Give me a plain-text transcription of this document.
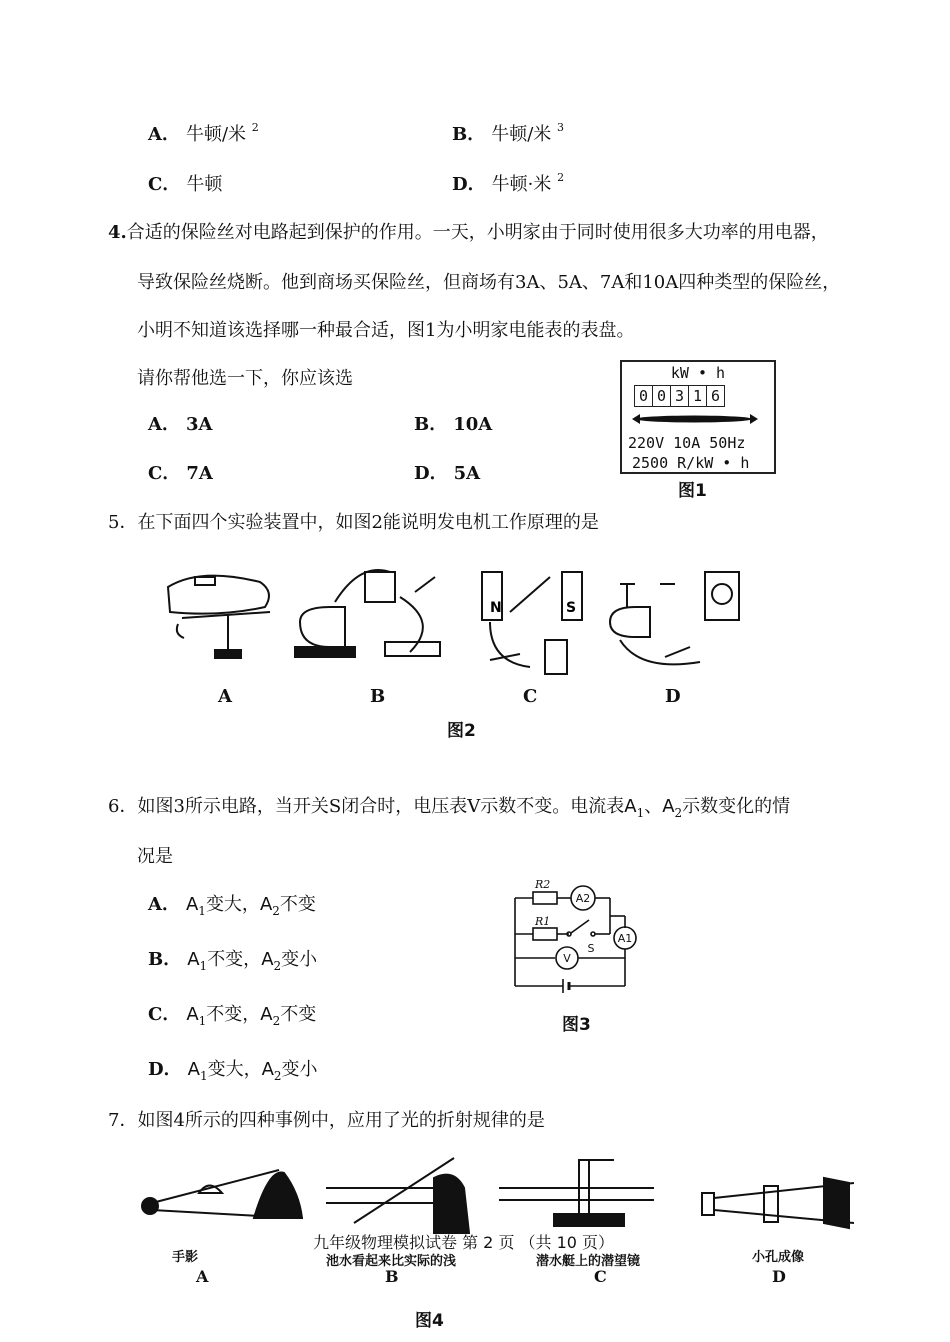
A． 牛顿/米 $^2$	B． 牛顿/米 $^3$
C． 牛顿	D． 牛顿·米 $^2$
4.合适的保险丝对电路起到保护的作用。一天，小明家由于同时使用很多大功率的用电器，
导致保险丝烧断。他到商场买保险丝，但商场有3A、5A、7A和10A四种类型的保险丝，
小明不知道该选择哪一种最合适，图1为小明家电能表的表盘。
请你帮他选一下，你应该选
A． 3A	B． 10A
C． 7A	D． 5A
kW • h
0 0 3 1 6
220V 10A 50Hz
2500 R/kW • h
图1
5．在下面四个实验装置中，如图2能说明发电机工作原理的是
N	S
A	B	C	D
图2
6．如图3所示电路，当开关S闭合时，电压表V示数不变。电流表$A_1$、$A_2$示数变化的情
况是
A． $A_1$变大，$A_2$不变
B． $A_1$不变，$A_2$变小
C． $A_1$不变，$A_2$不变
D． $A_1$变大，$A_2$变小
R2
R1
A2
A1
V
S
图3
7．如图4所示的四种事例中，应用了光的折射规律的是
九年级物理模拟试卷 第 2 页 （共 10 页）
手影	池水看起来比实际的浅	潜水艇上的潜望镜	小孔成像
A	B	C	D
图4
